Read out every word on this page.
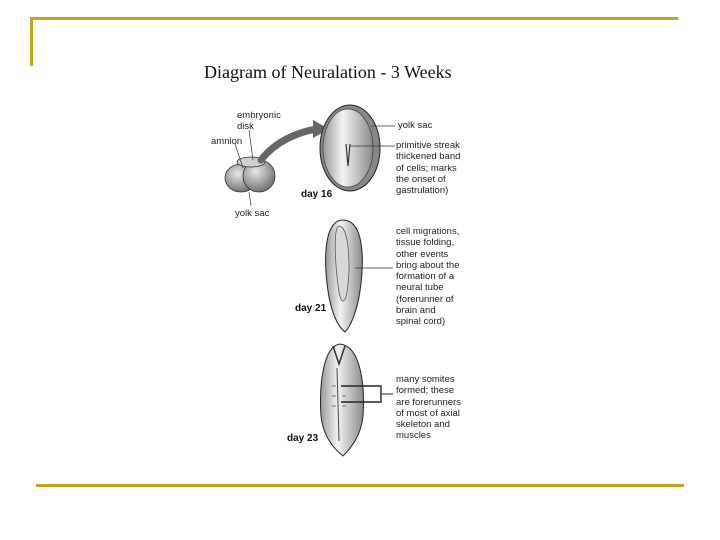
Diagram of Neuralation - 3 Weeks
embryonic
disk
amnion
yolk sac
yolk sac
day 16
day 21
day 23
primitive streak
thickened band
of cells; marks
the onset of
gastrulation)
cell migrations,
tissue folding,
other events
bring about the
formation of a
neural tube
(forerunner of
brain and
spinal cord)
many somites
formed; these
are forerunners
of most of axial
skeleton and
muscles
